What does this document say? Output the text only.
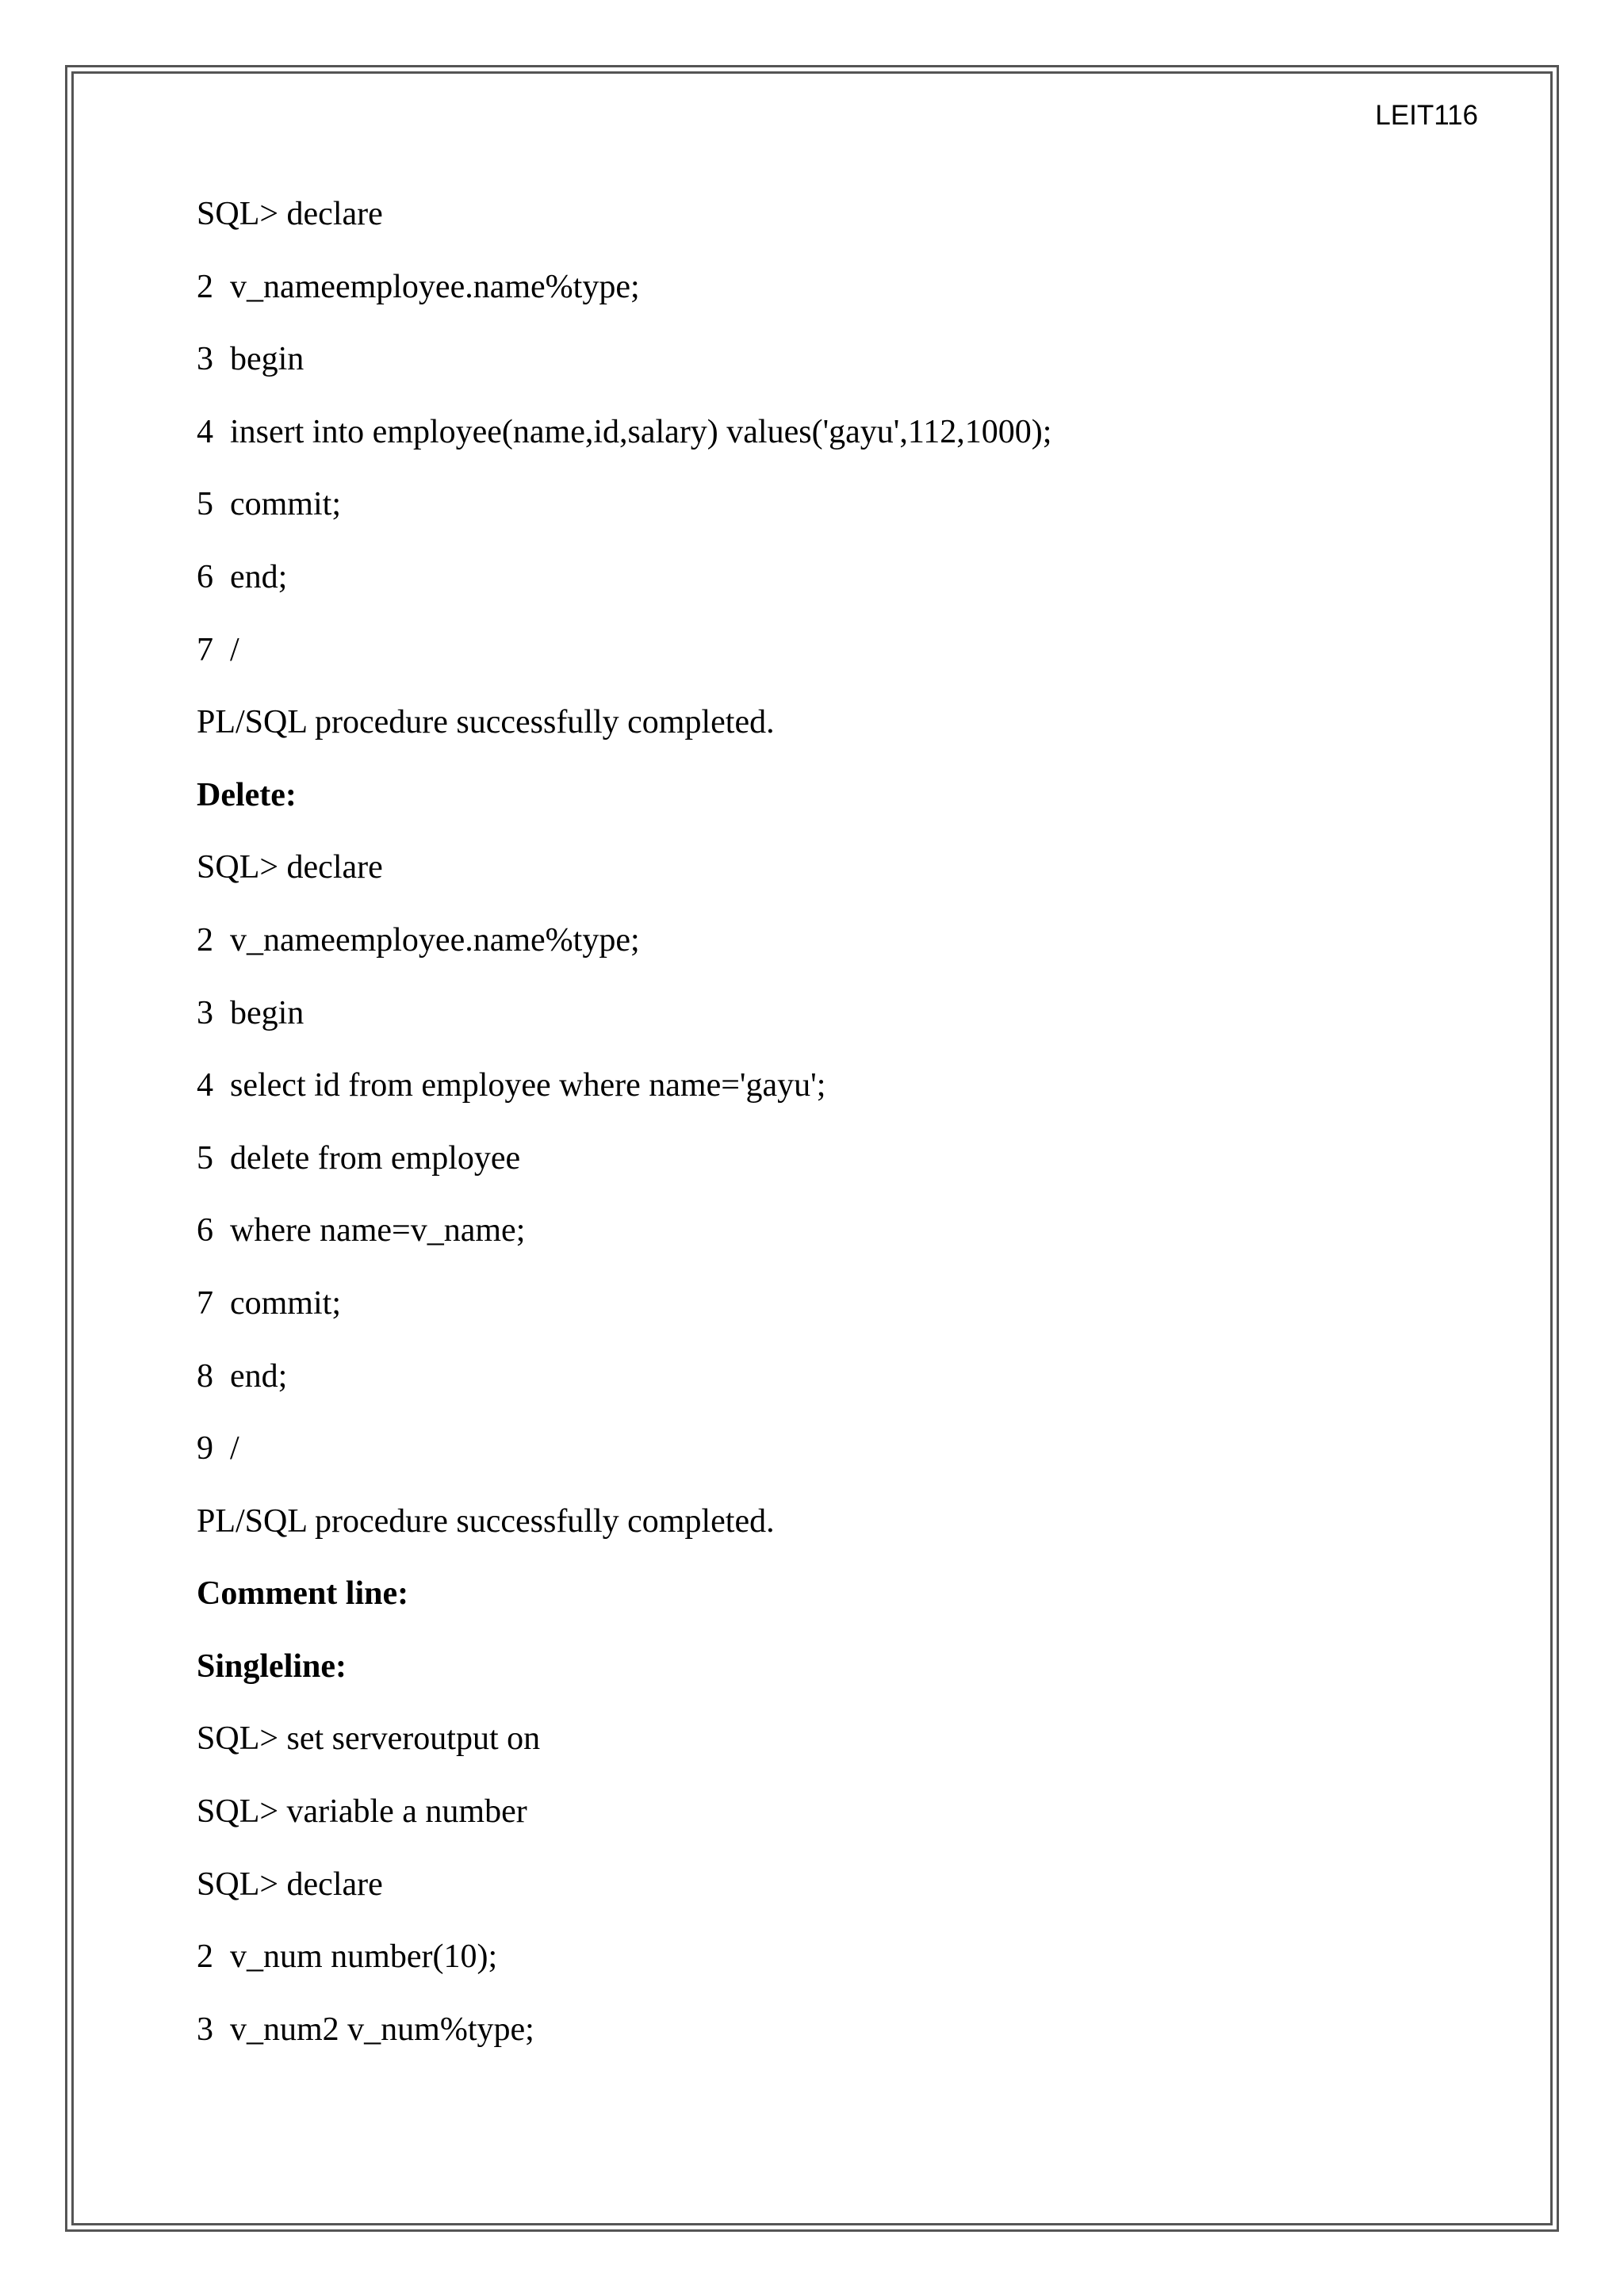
LEIT116
SQL> declare
2  v_nameemployee.name%type;
3  begin
4  insert into employee(name,id,salary) values('gayu',112,1000);
5  commit;
6  end;
7  /
PL/SQL procedure successfully completed.
Delete:
SQL> declare
2  v_nameemployee.name%type;
3  begin
4  select id from employee where name='gayu';
5  delete from employee
6  where name=v_name;
7  commit;
8  end;
9  /
PL/SQL procedure successfully completed.
Comment line:
Singleline:
SQL> set serveroutput on
SQL> variable a number
SQL> declare
2  v_num number(10);
3  v_num2 v_num%type;
